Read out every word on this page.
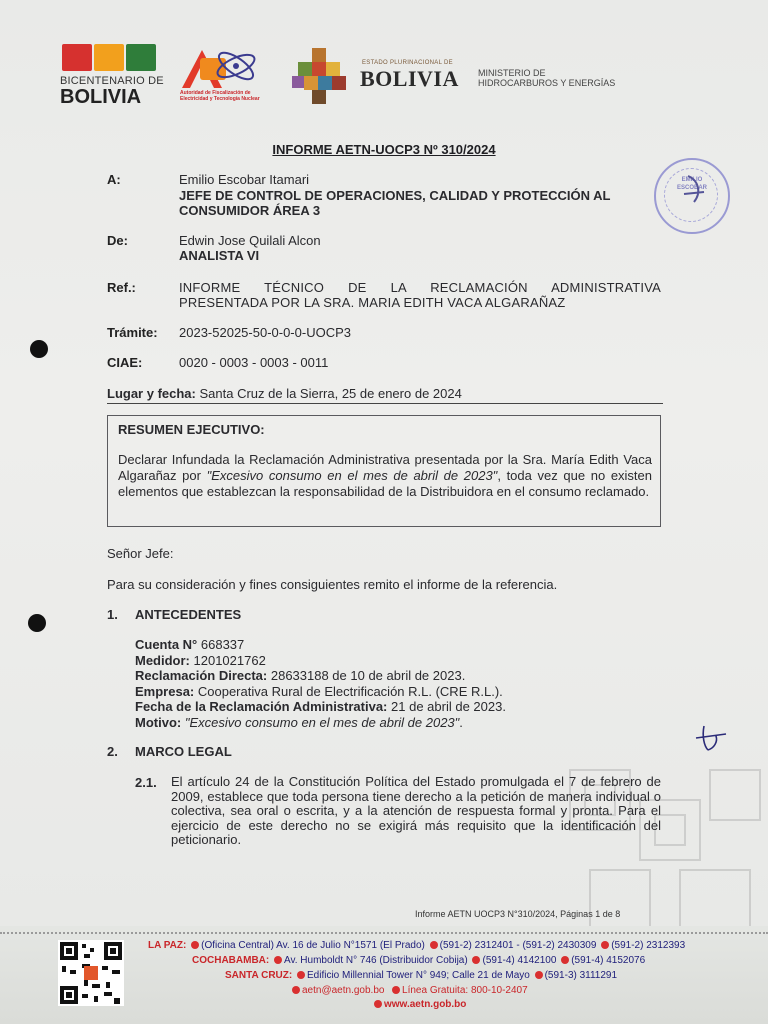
BICENTENARIO DE
BOLIVIA	Autoridad de Fiscalización de
Electricidad y Tecnología Nuclear
ESTADO PLURINACIONAL DE
BOLIVIA MINISTERIO DE
HIDROCARBUROS Y ENERGÍAS
INFORME AETN-UOCP3 Nº 310/2024
EMILIO
ESCOBAR
A:	Emilio Escobar Itamari
JEFE DE CONTROL DE OPERACIONES, CALIDAD Y PROTECCIÓN AL
CONSUMIDOR ÁREA 3
De:	Edwin Jose Quilali Alcon
ANALISTA VI
Ref.:	INFORME TÉCNICO DE LA RECLAMACIÓN ADMINISTRATIVA
PRESENTADA POR LA SRA. MARIA EDITH VACA ALGARAÑAZ
Trámite: 2023-52025-50-0-0-0-UOCP3
CIAE:	0020 - 0003 - 0003 - 0011
Lugar y fecha: Santa Cruz de la Sierra, 25 de enero de 2024
RESUMEN EJECUTIVO:
Declarar Infundada la Reclamación Administrativa presentada por la Sra. María Edith Vaca Algarañaz por "Excesivo consumo en el mes de abril de 2023", toda vez que no existen elementos que establezcan la responsabilidad de la Distribuidora en el consumo reclamado.
Señor Jefe:
Para su consideración y fines consiguientes remito el informe de la referencia.
1. ANTECEDENTES
Cuenta N° 668337
Medidor: 1201021762
Reclamación Directa: 28633188 de 10 de abril de 2023.
Empresa: Cooperativa Rural de Electrificación R.L. (CRE R.L.).
Fecha de la Reclamación Administrativa: 21 de abril de 2023.
Motivo: "Excesivo consumo en el mes de abril de 2023".
2. MARCO LEGAL
2.1. El artículo 24 de la Constitución Política del Estado promulgada el 7 de febrero de 2009, establece que toda persona tiene derecho a la petición de manera individual o colectiva, sea oral o escrita, y a la atención de respuesta formal y pronta. Para el ejercicio de este derecho no se exigirá más requisito que la identificación del peticionario.
Informe AETN UOCP3 N°310/2024, Páginas 1 de 8
LA PAZ: (Oficina Central) Av. 16 de Julio N°1571 (El Prado) (591-2) 2312401 - (591-2) 2430309 (591-2) 2312393
COCHABAMBA: Av. Humboldt N° 746 (Distribuidor Cobija) (591-4) 4142100 (591-4) 4152076
SANTA CRUZ: Edificio Millennial Tower N° 949; Calle 21 de Mayo (591-3) 3111291
aetn@aetn.gob.bo Línea Gratuita: 800-10-2407
www.aetn.gob.bo
